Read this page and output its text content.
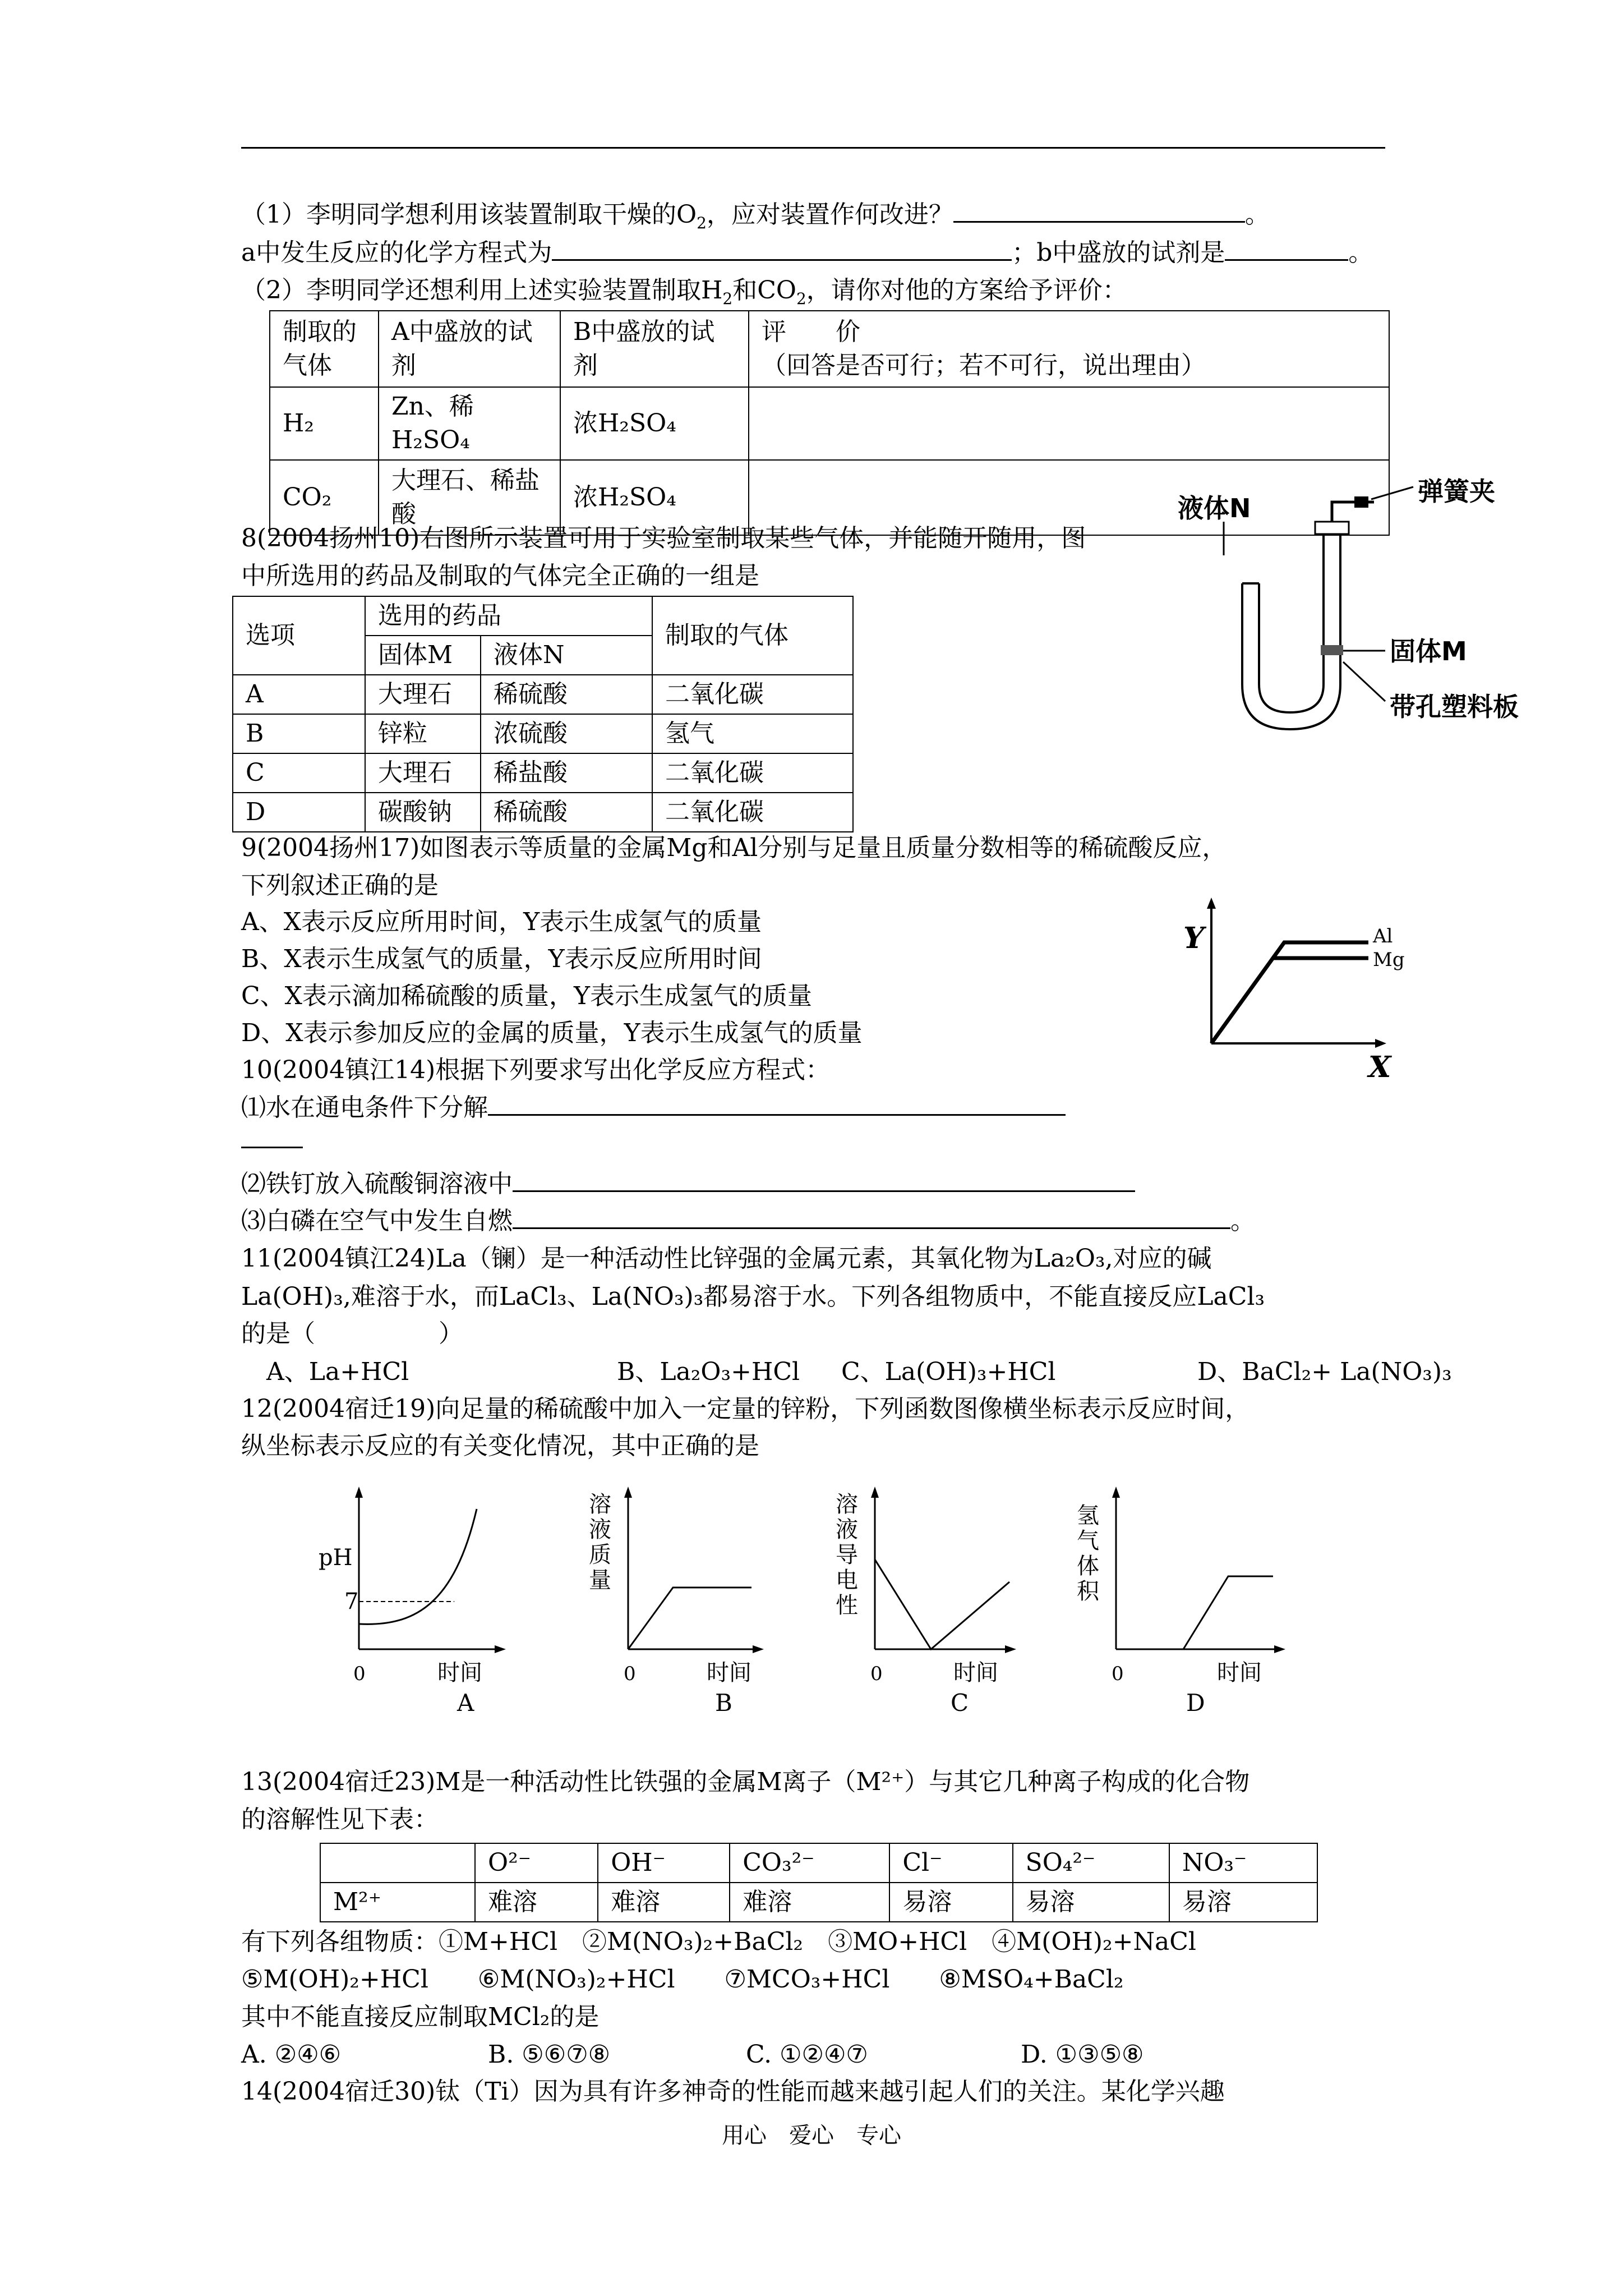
（1）李明同学想利用该装置制取干燥的$O_2$，应对装置作何改进？	。
a中发生反应的化学方程式为	；b中盛放的试剂是	。
（2）李明同学还想利用上述实验装置制取$H_2$和$CO_2$，请你对他的方案给予评价：
制取的气体	A中盛放的试剂	B中盛放的试剂	评　　价
（回答是否可行；若不可行，说出理由）

H₂	Zn、稀H₂SO₄	浓H₂SO₄	
CO₂	大理石、稀盐酸	浓H₂SO₄	
8(2004扬州10)右图所示装置可用于实验室制取某些气体，并能随开随用，图
中所选用的药品及制取的气体完全正确的一组是
选项	选用的药品		制取的气体
	固体M	液体N	
A	大理石	稀硫酸	二氧化碳
B	锌粒	浓硫酸	氢气
C	大理石	稀盐酸	二氧化碳
D	碳酸钠	稀硫酸	二氧化碳
液体N
弹簧夹
固体M
带孔塑料板
9(2004扬州17)如图表示等质量的金属Mg和Al分别与足量且质量分数相等的稀硫酸反应，
下列叙述正确的是
A、X表示反应所用时间，Y表示生成氢气的质量
B、X表示生成氢气的质量，Y表示反应所用时间
C、X表示滴加稀硫酸的质量，Y表示生成氢气的质量
D、X表示参加反应的金属的质量，Y表示生成氢气的质量
Y
X
Al
Mg
10(2004镇江14)根据下列要求写出化学反应方程式：
⑴水在通电条件下分解
⑵铁钉放入硫酸铜溶液中
⑶白磷在空气中发生自燃	。
11(2004镇江24)La（镧）是一种活动性比锌强的金属元素，其氧化物为La₂O₃,对应的碱
La(OH)₃,难溶于水，而LaCl₃、La(NO₃)₃都易溶于水。下列各组物质中，不能直接反应LaCl₃
的是（　　　　　）
A、La+HCl	B、La₂O₃+HCl C、La(OH)₃+HCl	D、BaCl₂+ La(NO₃)₃
12(2004宿迁19)向足量的稀硫酸中加入一定量的锌粉，下列函数图像横坐标表示反应时间，
纵坐标表示反应的有关变化情况，其中正确的是
pH
7
0	时间
A
溶
液
质
量
0	时间
B
溶
液
导
电
性
0	时间
C
氢
气
体
积
0	时间
D
13(2004宿迁23)M是一种活动性比铁强的金属M离子（M²⁺）与其它几种离子构成的化合物
的溶解性见下表：
	O²⁻	OH⁻	CO₃²⁻	Cl⁻	SO₄²⁻	NO₃⁻
M²⁺	难溶	难溶	难溶	易溶	易溶	易溶
有下列各组物质：①M+HCl　②M(NO₃)₂+BaCl₂　③MO+HCl　④M(OH)₂+NaCl
⑤M(OH)₂+HCl　　⑥M(NO₃)₂+HCl　　⑦MCO₃+HCl　　⑧MSO₄+BaCl₂
其中不能直接反应制取MCl₂的是
A. ②④⑥	B. ⑤⑥⑦⑧	C. ①②④⑦	D. ①③⑤⑧
14(2004宿迁30)钛（Ti）因为具有许多神奇的性能而越来越引起人们的关注。某化学兴趣
用心　爱心　专心
